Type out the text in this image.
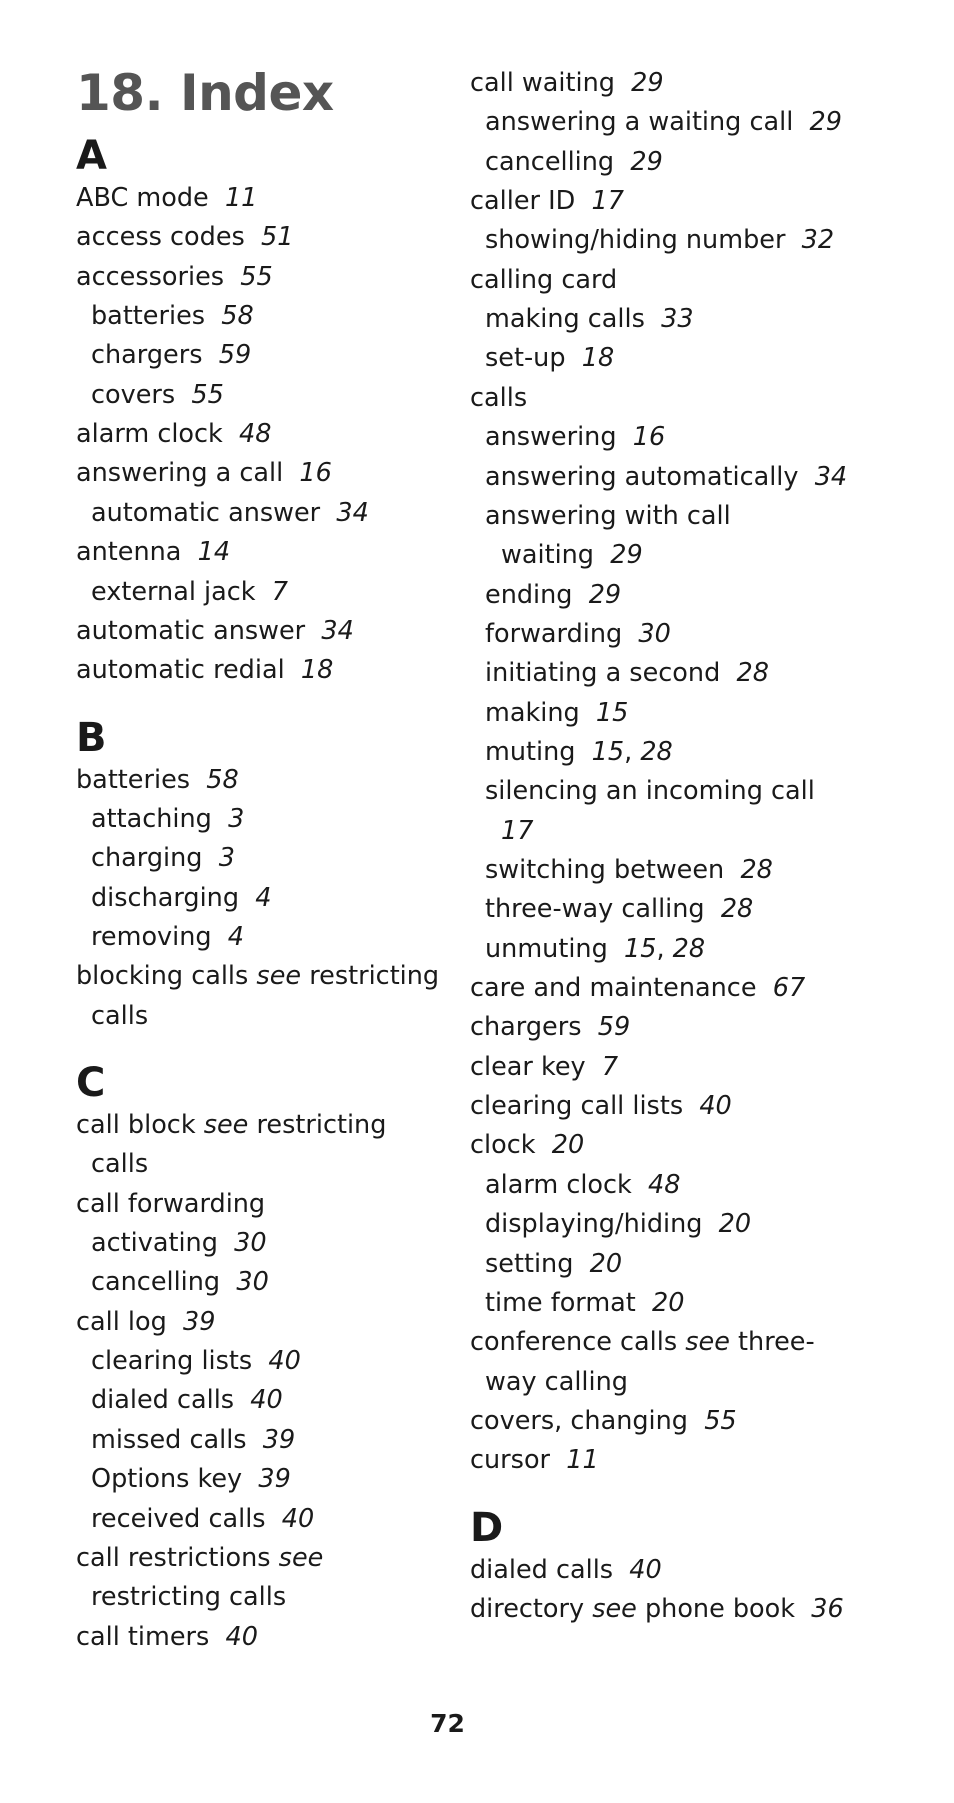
18. Index
A
ABC mode 11
access codes 51
accessories 55
batteries 58
chargers 59
covers 55
alarm clock 48
answering a call 16
automatic answer 34
antenna 14
external jack 7
automatic answer 34
automatic redial 18
B
batteries 58
attaching 3
charging 3
discharging 4
removing 4
blocking calls see restricting
calls
C
call block see restricting
calls
call forwarding
activating 30
cancelling 30
call log 39
clearing lists 40
dialed calls 40
missed calls 39
Options key 39
received calls 40
call restrictions see
restricting calls
call timers 40
call waiting 29
answering a waiting call 29
cancelling 29
caller ID 17
showing/hiding number 32
calling card
making calls 33
set-up 18
calls
answering 16
answering automatically 34
answering with call
waiting 29
ending 29
forwarding 30
initiating a second 28
making 15
muting 15, 28
silencing an incoming call
17
switching between 28
three-way calling 28
unmuting 15, 28
care and maintenance 67
chargers 59
clear key 7
clearing call lists 40
clock 20
alarm clock 48
displaying/hiding 20
setting 20
time format 20
conference calls see three-
way calling
covers, changing 55
cursor 11
D
dialed calls 40
directory see phone book 36
72
